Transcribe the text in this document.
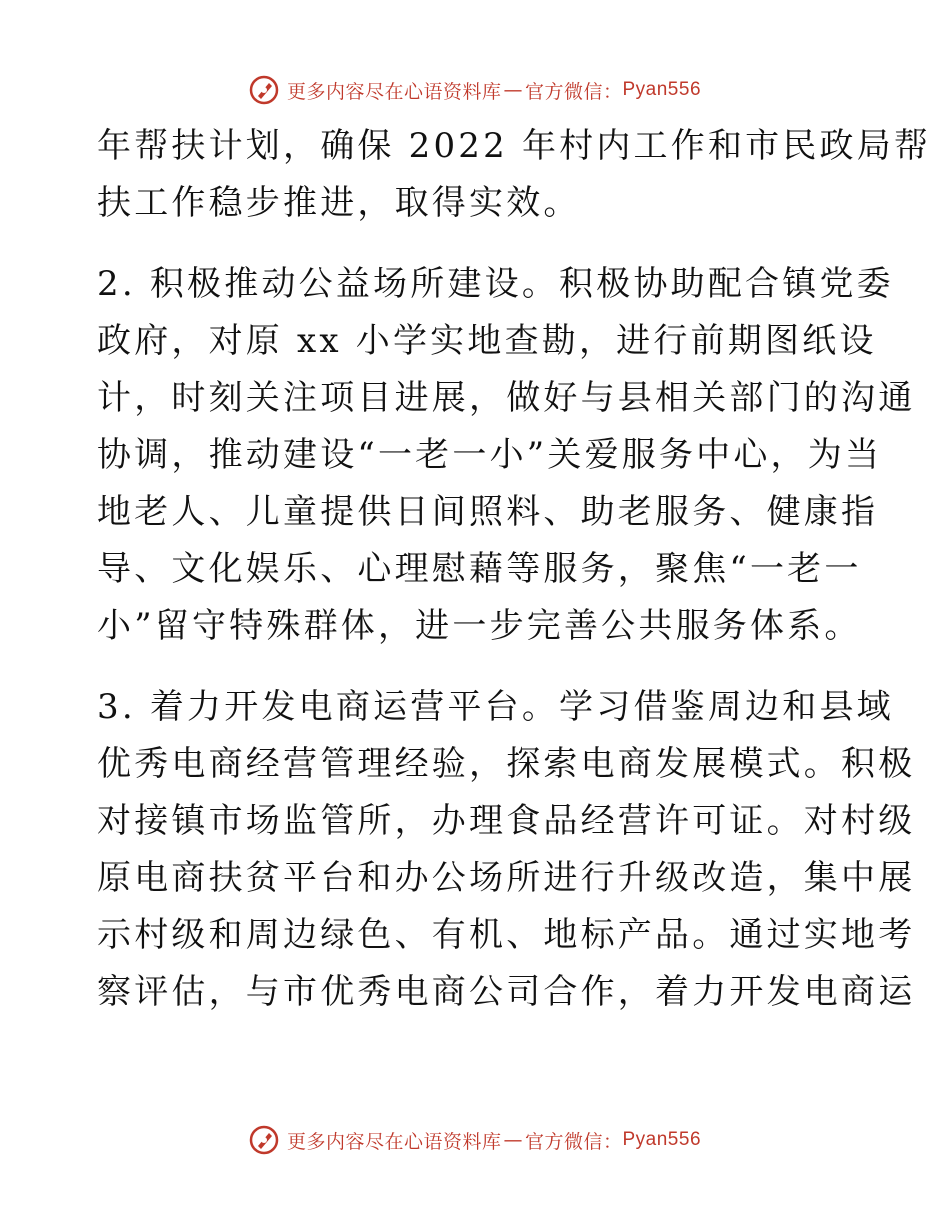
更多内容尽在心语资料库 — 官方微信： Pyan556

年帮扶计划，确保 2022 年村内工作和市民政局帮
扶工作稳步推进，取得实效。

2. 积极推动公益场所建设。积极协助配合镇党委
政府，对原 xx 小学实地查勘，进行前期图纸设
计，时刻关注项目进展，做好与县相关部门的沟通
协调，推动建设“一老一小”关爱服务中心，为当
地老人、儿童提供日间照料、助老服务、健康指
导、文化娱乐、心理慰藉等服务，聚焦“一老一
小”留守特殊群体，进一步完善公共服务体系。

3. 着力开发电商运营平台。学习借鉴周边和县域
优秀电商经营管理经验，探索电商发展模式。积极
对接镇市场监管所，办理食品经营许可证。对村级
原电商扶贫平台和办公场所进行升级改造，集中展
示村级和周边绿色、有机、地标产品。通过实地考
察评估，与市优秀电商公司合作，着力开发电商运

更多内容尽在心语资料库 — 官方微信： Pyan556
